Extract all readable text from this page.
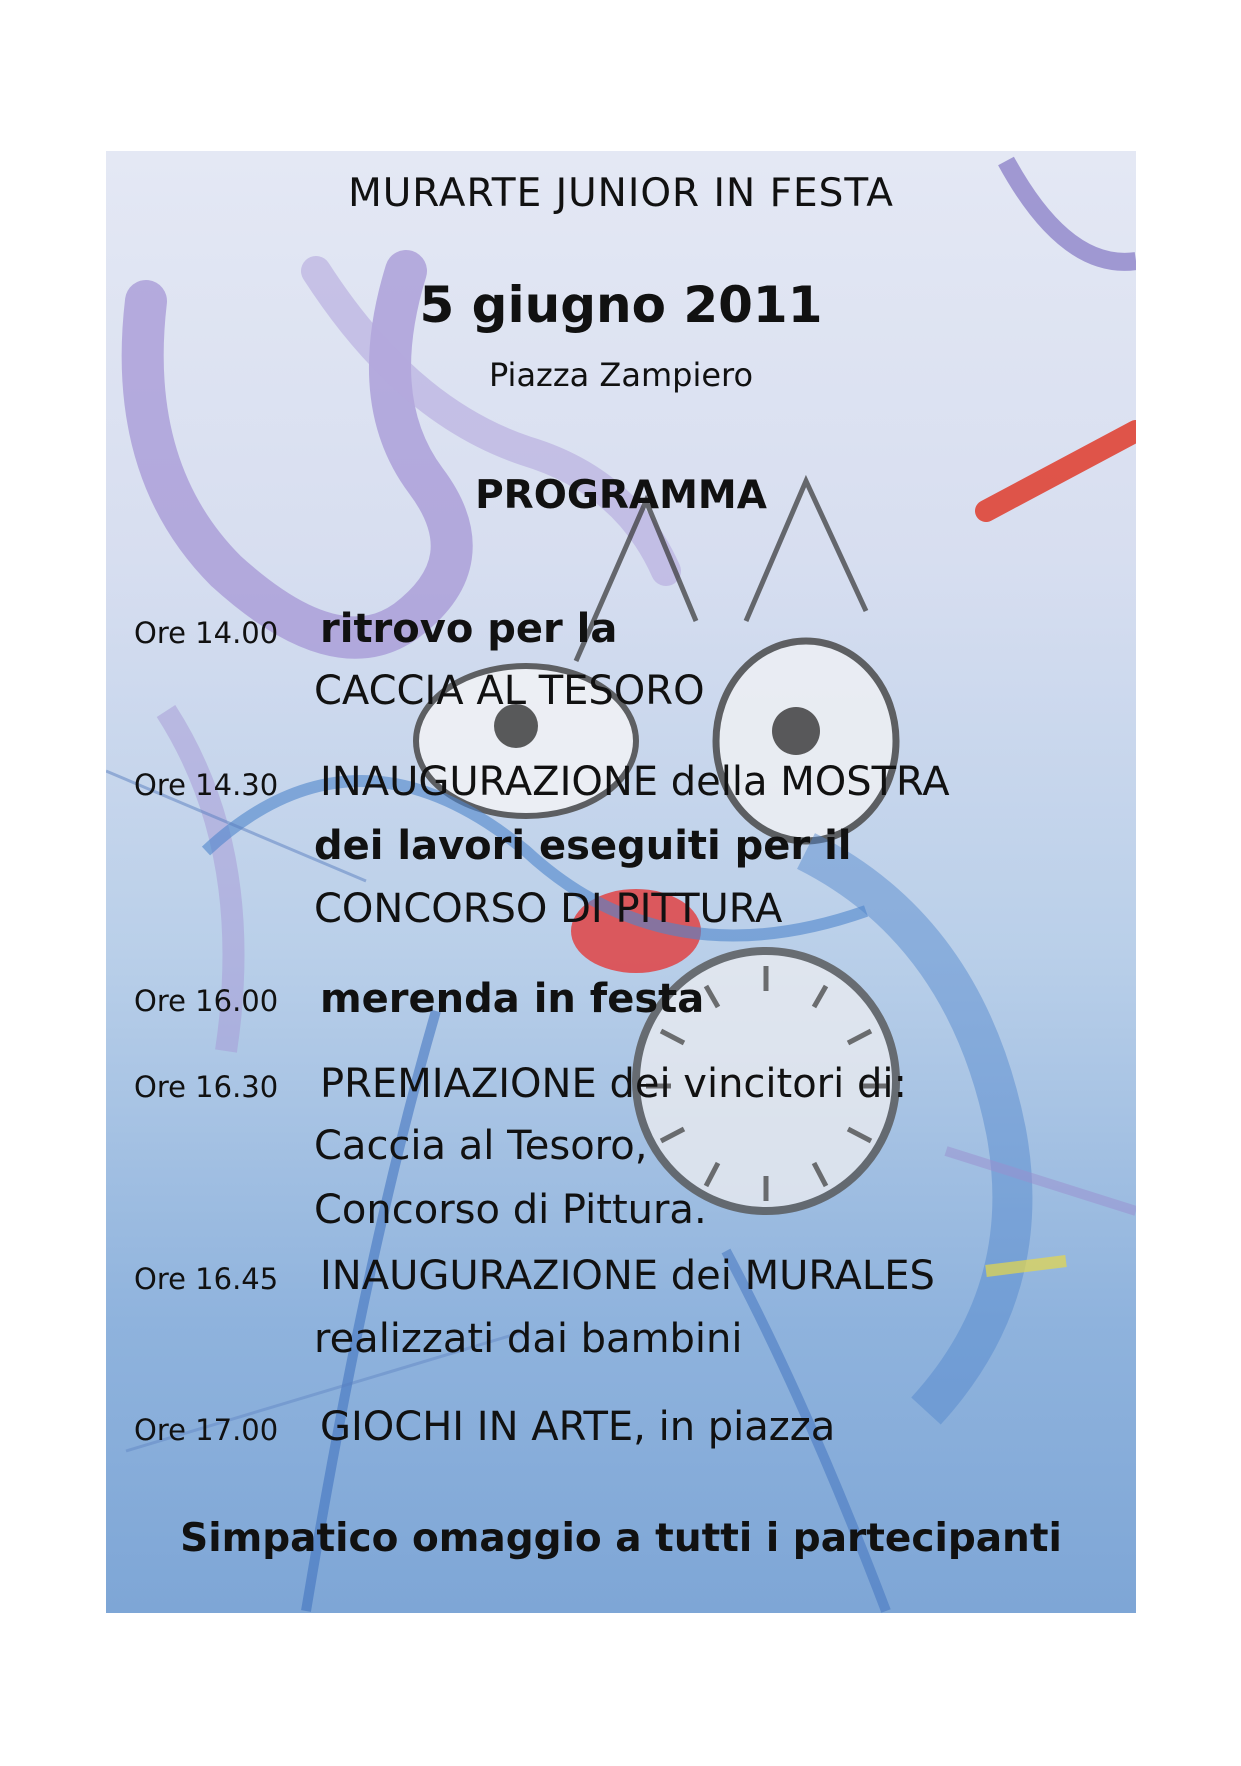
MURARTE JUNIOR IN FESTA
5 giugno 2011
Piazza Zampiero
PROGRAMMA
Ore 14.00 ritrovo per la
CACCIA AL TESORO
Ore 14.30 INAUGURAZIONE della MOSTRA
dei lavori eseguiti per il
CONCORSO DI PITTURA
Ore 16.00 merenda in festa
Ore 16.30 PREMIAZIONE dei vincitori di:
Caccia al Tesoro,
Concorso di Pittura.
Ore 16.45 INAUGURAZIONE dei MURALES
realizzati dai bambini
Ore 17.00 GIOCHI IN ARTE, in piazza
Simpatico omaggio a tutti i partecipanti
